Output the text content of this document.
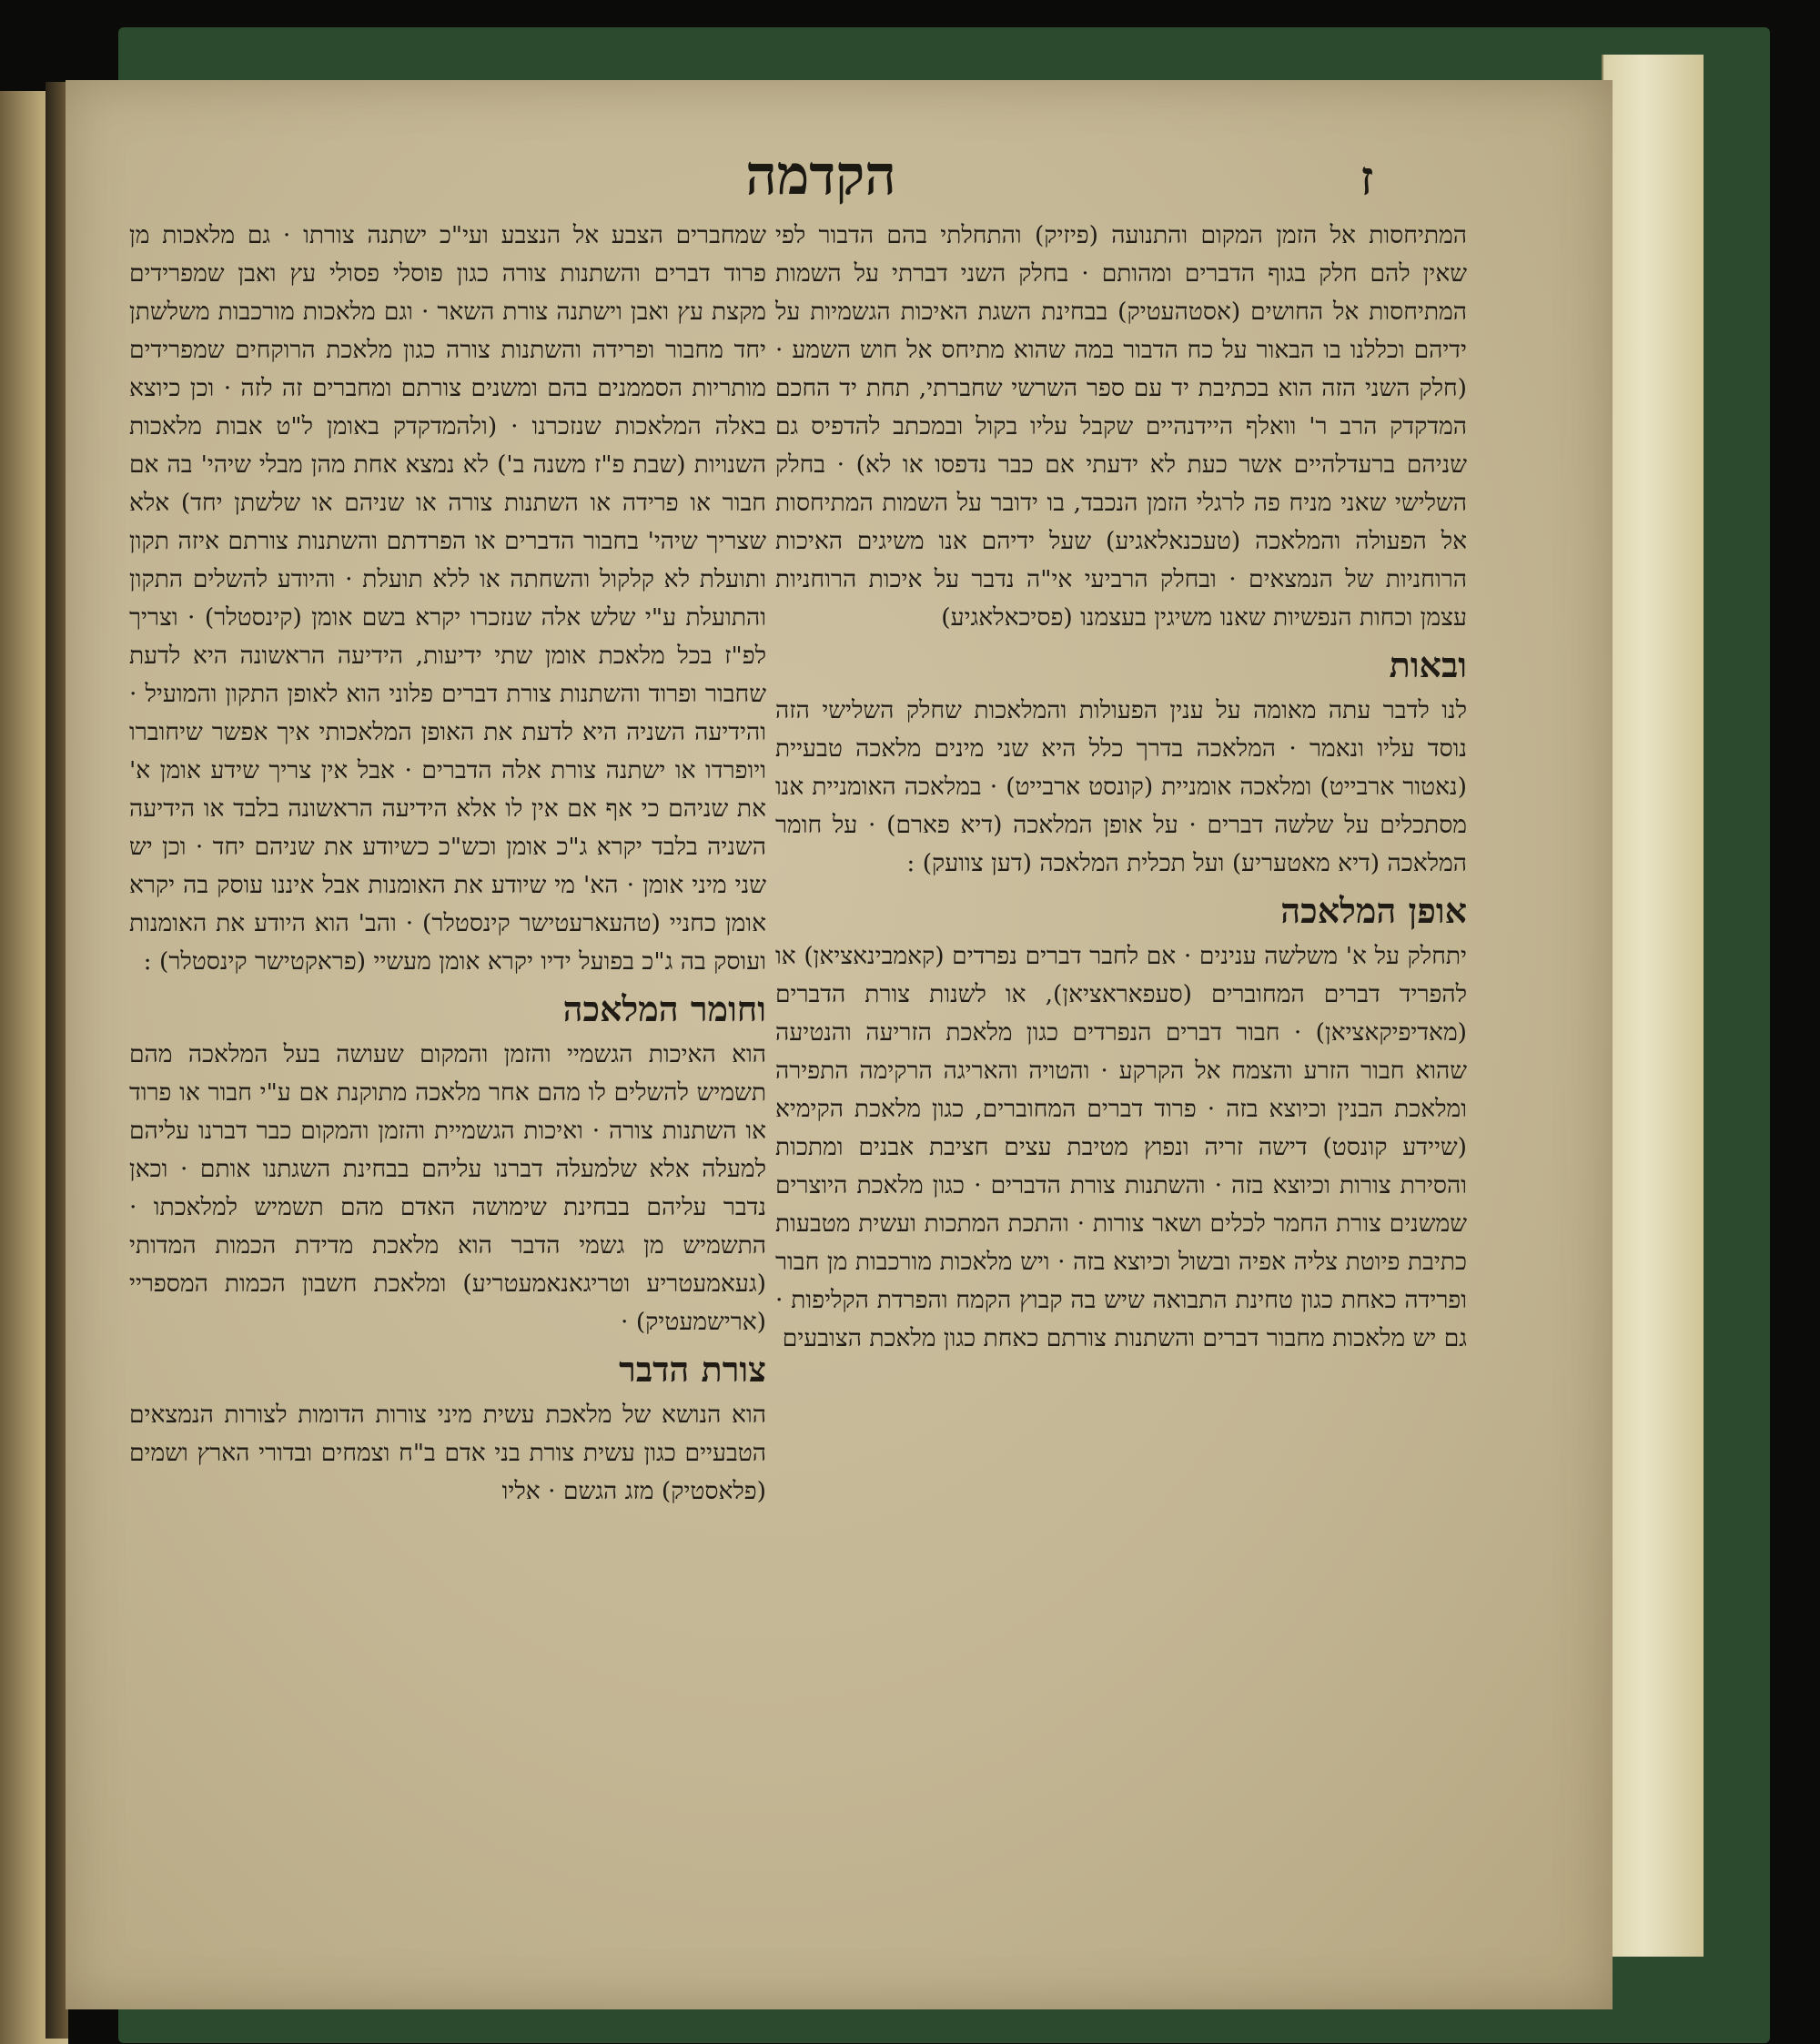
הקדמה	ז

המתיחסות אל הזמן המקום והתנועה (פיזיק) והתחלתי בהם הדבור לפי שאין להם חלק בגוף הדברים ומהותם · בחלק השני דברתי על השמות המתיחסות אל החושים (אסטהעטיק) בבחינת השגת האיכות הגשמיות על ידיהם וכללנו בו הבאור על כח הדבור במה שהוא מתיחס אל חוש השמע · (חלק השני הזה הוא בכתיבת יד עם ספר השרשי שחברתי, תחת יד החכם המדקדק הרב ר' וואלף היידנהיים שקבל עליו בקול ובמכתב להדפיס גם שניהם ברעדלהיים אשר כעת לא ידעתי אם כבר נדפסו או לא) · בחלק השלישי שאני מניח פה לרגלי הזמן הנכבד, בו ידובר על השמות המתיחסות אל הפעולה והמלאכה (טעכנאלאגיע) שעל ידיהם אנו משיגים האיכות הרוחניות של הנמצאים · ובחלק הרביעי אי"ה נדבר על איכות הרוחניות עצמן וכחות הנפשיות שאנו משיגין בעצמנו (פסיכאלאגיע)

ובאות

לנו לדבר עתה מאומה על ענין הפעולות והמלאכות שחלק השלישי הזה נוסד עליו ונאמר · המלאכה בדרך כלל היא שני מינים מלאכה טבעיית (נאטור ארבייט) ומלאכה אומניית (קונסט ארבייט) · במלאכה האומניית אנו מסתכלים על שלשה דברים · על אופן המלאכה (דיא פארם) · על חומר המלאכה (דיא מאטעריע) ועל תכלית המלאכה (דען צוועק) :

אופן המלאכה

יתחלק על א' משלשה ענינים · אם לחבר דברים נפרדים (קאמבינאציאן) או להפריד דברים המחוברים (סעפאראציאן), או לשנות צורת הדברים (מאדיפיקאציאן) · חבור דברים הנפרדים כגון מלאכת הזריעה והנטיעה שהוא חבור הזרע והצמח אל הקרקע · והטויה והאריגה הרקימה התפירה ומלאכת הבנין וכיוצא בזה · פרוד דברים המחוברים, כגון מלאכת הקימיא (שיידע קונסט) דישה זריה ונפוץ מטיבת עצים חציבת אבנים ומתכות והסירת צורות וכיוצא בזה · והשתנות צורת הדברים · כגון מלאכת היוצרים שמשנים צורת החמר לכלים ושאר צורות · והתכת המתכות ועשית מטבעות כתיבת פיוטת צליה אפיה ובשול וכיוצא בזה · ויש מלאכות מורכבות מן חבור ופרידה כאחת כגון טחינת התבואה שיש בה קבוץ הקמח והפרדת הקליפות · גם יש מלאכות מחבור דברים והשתנות צורתם כאחת כגון מלאכת הצובעים

שמחברים הצבע אל הנצבע ועי"כ ישתנה צורתו · גם מלאכות מן פרוד דברים והשתנות צורה כגון פוסלי פסולי עץ ואבן שמפרידים מקצת עץ ואבן וישתנה צורת השאר · וגם מלאכות מורכבות משלשתן יחד מחבור ופרידה והשתנות צורה כגון מלאכת הרוקחים שמפרידים מותריות הסממנים בהם ומשנים צורתם ומחברים זה לזה · וכן כיוצא באלה המלאכות שנזכרנו · (ולהמדקדק באומן ל"ט אבות מלאכות השנויות (שבת פ"ז משנה ב') לא נמצא אחת מהן מבלי שיהי' בה אם חבור או פרידה או השתנות צורה או שניהם או שלשתן יחד) אלא שצריך שיהי' בחבור הדברים או הפרדתם והשתנות צורתם איזה תקון ותועלת לא קלקול והשחתה או ללא תועלת · והיודע להשלים התקון והתועלת ע"י שלש אלה שנזכרו יקרא בשם אומן (קינסטלר) · וצריך לפ"ז בכל מלאכת אומן שתי ידיעות, הידיעה הראשונה היא לדעת שחבור ופרוד והשתנות צורת דברים פלוני הוא לאופן התקון והמועיל · והידיעה השניה היא לדעת את האופן המלאכותי איך אפשר שיחוברו ויופרדו או ישתנה צורת אלה הדברים · אבל אין צריך שידע אומן א' את שניהם כי אף אם אין לו אלא הידיעה הראשונה בלבד או הידיעה השניה בלבד יקרא ג"כ אומן וכש"כ כשיודע את שניהם יחד · וכן יש שני מיני אומן · הא' מי שיודע את האומנות אבל איננו עוסק בה יקרא אומן כחניי (טהעארעטישר קינסטלר) · והב' הוא היודע את האומנות ועוסק בה ג"כ בפועל ידיו יקרא אומן מעשיי (פראקטישר קינסטלר) :

וחומר המלאכה

הוא האיכות הגשמיי והזמן והמקום שעושה בעל המלאכה מהם תשמיש להשלים לו מהם אחר מלאכה מתוקנת אם ע"י חבור או פרוד או השתנות צורה · ואיכות הגשמיית והזמן והמקום כבר דברנו עליהם למעלה אלא שלמעלה דברנו עליהם בבחינת השגתנו אותם · וכאן נדבר עליהם בבחינת שימושה האדם מהם תשמיש למלאכתו · התשמיש מן גשמי הדבר הוא מלאכת מדידת הכמות המדותי (געאמעטריע וטריגאנאמעטריע) ומלאכת חשבון הכמות המספריי (ארישמעטיק) ·

צורת הדבר

הוא הנושא של מלאכת עשית מיני צורות הדומות לצורות הנמצאים הטבעיים כגון עשית צורת בני אדם ב"ח וצמחים ובדורי הארץ ושמים (פלאסטיק) מזג הגשם · אליו
